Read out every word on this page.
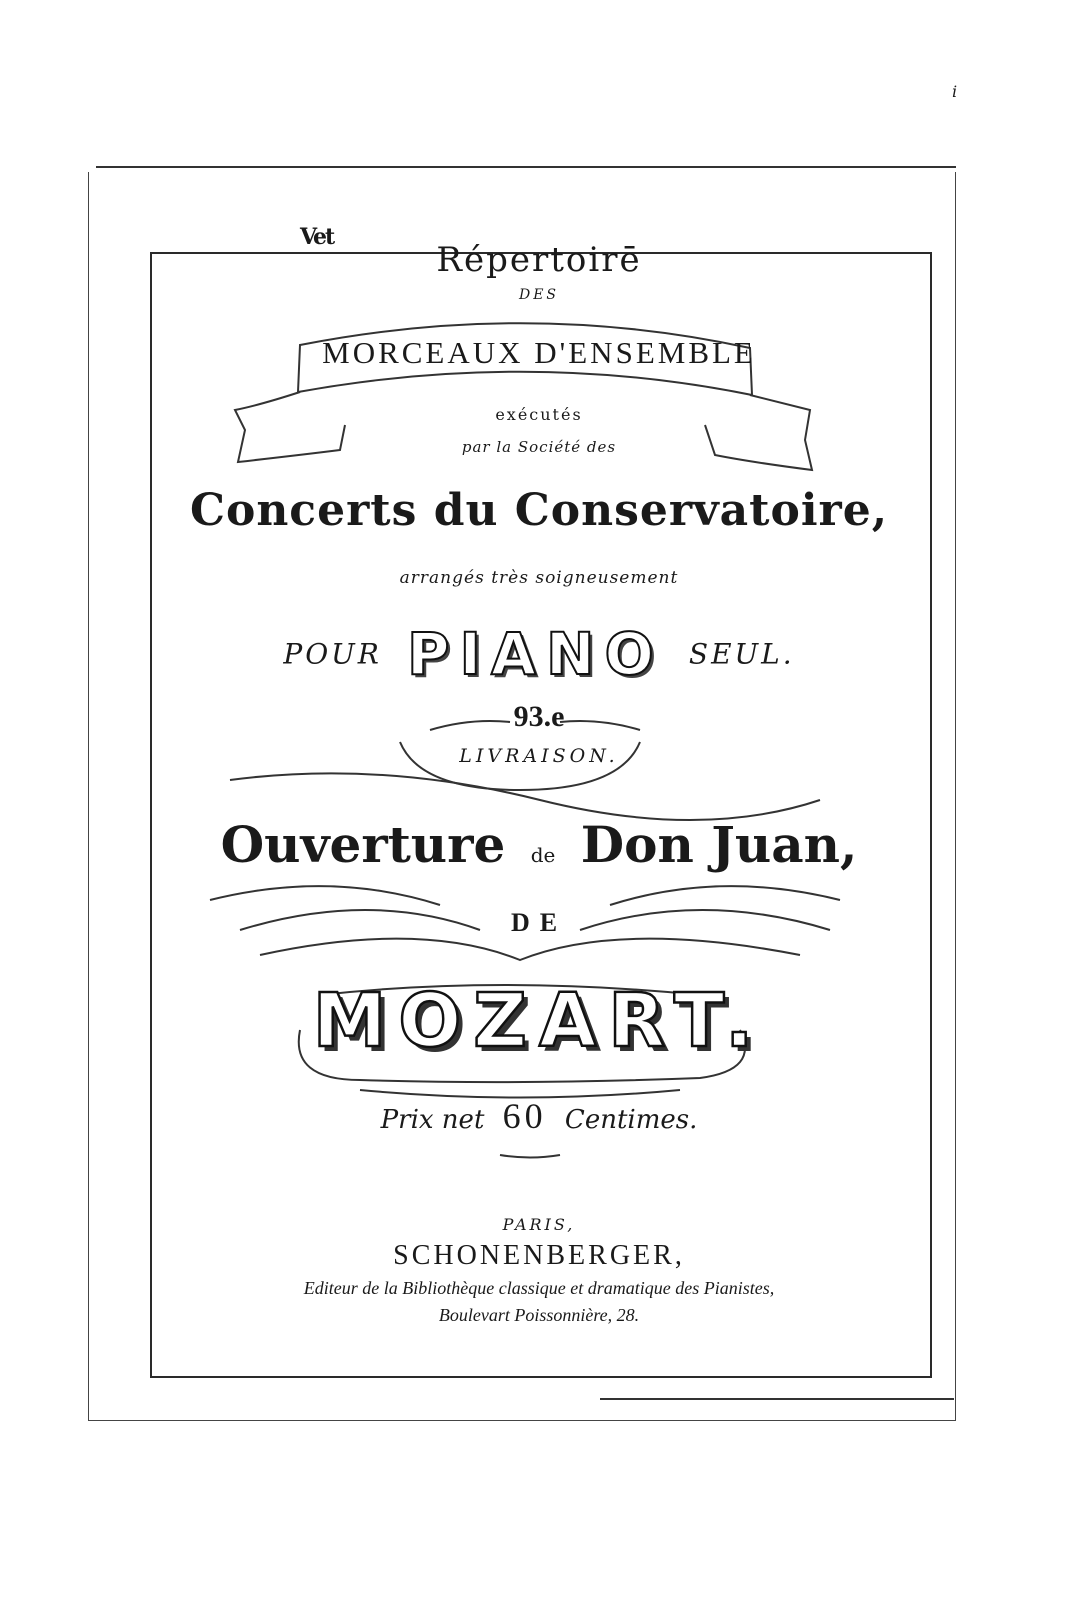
i
Vet
Répertoirē
DES
MORCEAUX D'ENSEMBLE
exécutés
par la Société des
Concerts du Conservatoire,
arrangés très soigneusement
POUR PIANO SEUL.
93.e
LIVRAISON.
Ouverture de Don Juan,
DE
MOZART.
Prix net 60 Centimes.
PARIS,
SCHONENBERGER,
Editeur de la Bibliothèque classique et dramatique des Pianistes,
Boulevart Poissonnière, 28.
